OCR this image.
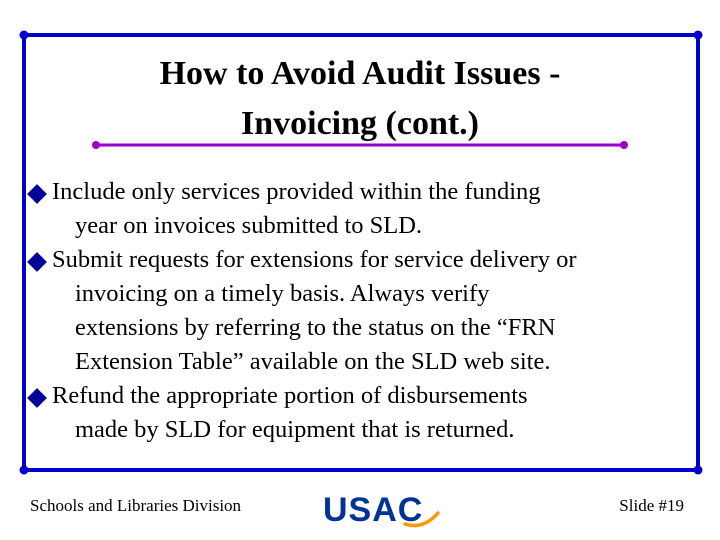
How to Avoid Audit Issues -
Invoicing (cont.)
Include only services provided within the funding
year on invoices submitted to SLD.
Submit requests for extensions for service delivery or
invoicing on a timely basis. Always verify
extensions by referring to the status on the “FRN
Extension Table” available on the SLD web site.
Refund the appropriate portion of disbursements
made by SLD for equipment that is returned.
Schools and Libraries Division USAC	Slide #19
